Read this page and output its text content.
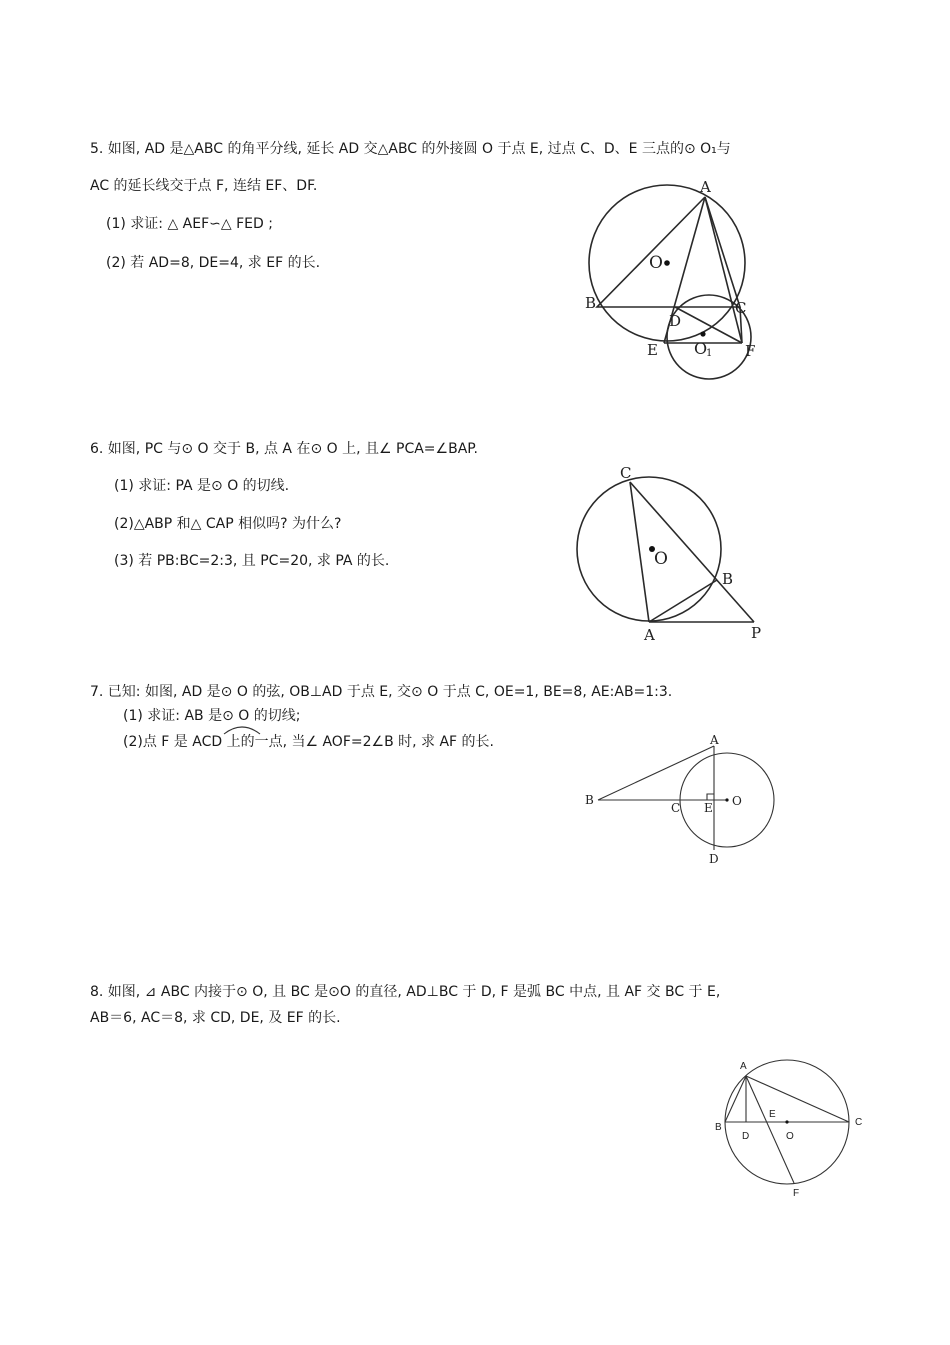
5. 如图, AD 是△ABC 的角平分线, 延长 AD 交△ABC 的外接圆 O 于点 E, 过点 C、D、E 三点的⊙ O₁与
AC 的延长线交于点 F, 连结 EF、DF.
(1) 求证: △ AEF∽△ FED ;
(2) 若 AD=8, DE=4, 求 EF 的长.
A
O
B	C
D
E O
1 F
6. 如图, PC 与⊙ O 交于 B, 点 A 在⊙ O 上, 且∠ PCA=∠BAP.
(1) 求证: PA 是⊙ O 的切线.
(2)△ABP 和△ CAP 相似吗? 为什么?
(3) 若 PB:BC=2:3, 且 PC=20, 求 PA 的长.
C
O
B
A	P
7. 已知: 如图, AD 是⊙ O 的弦, OB⊥AD 于点 E, 交⊙ O 于点 C, OE=1, BE=8, AE:AB=1:3.
(1) 求证: AB 是⊙ O 的切线;
(2)点 F 是 ACD 上的一点, 当∠ AOF=2∠B 时, 求 AF 的长.	A
B
C E O
D
8. 如图, ⊿ ABC 内接于⊙ O, 且 BC 是⊙O 的直径, AD⊥BC 于 D, F 是弧 BC 中点, 且 AF 交 BC 于 E,
AB＝6, AC＝8, 求 CD, DE, 及 EF 的长.
A
B
E
D	O
C
F
